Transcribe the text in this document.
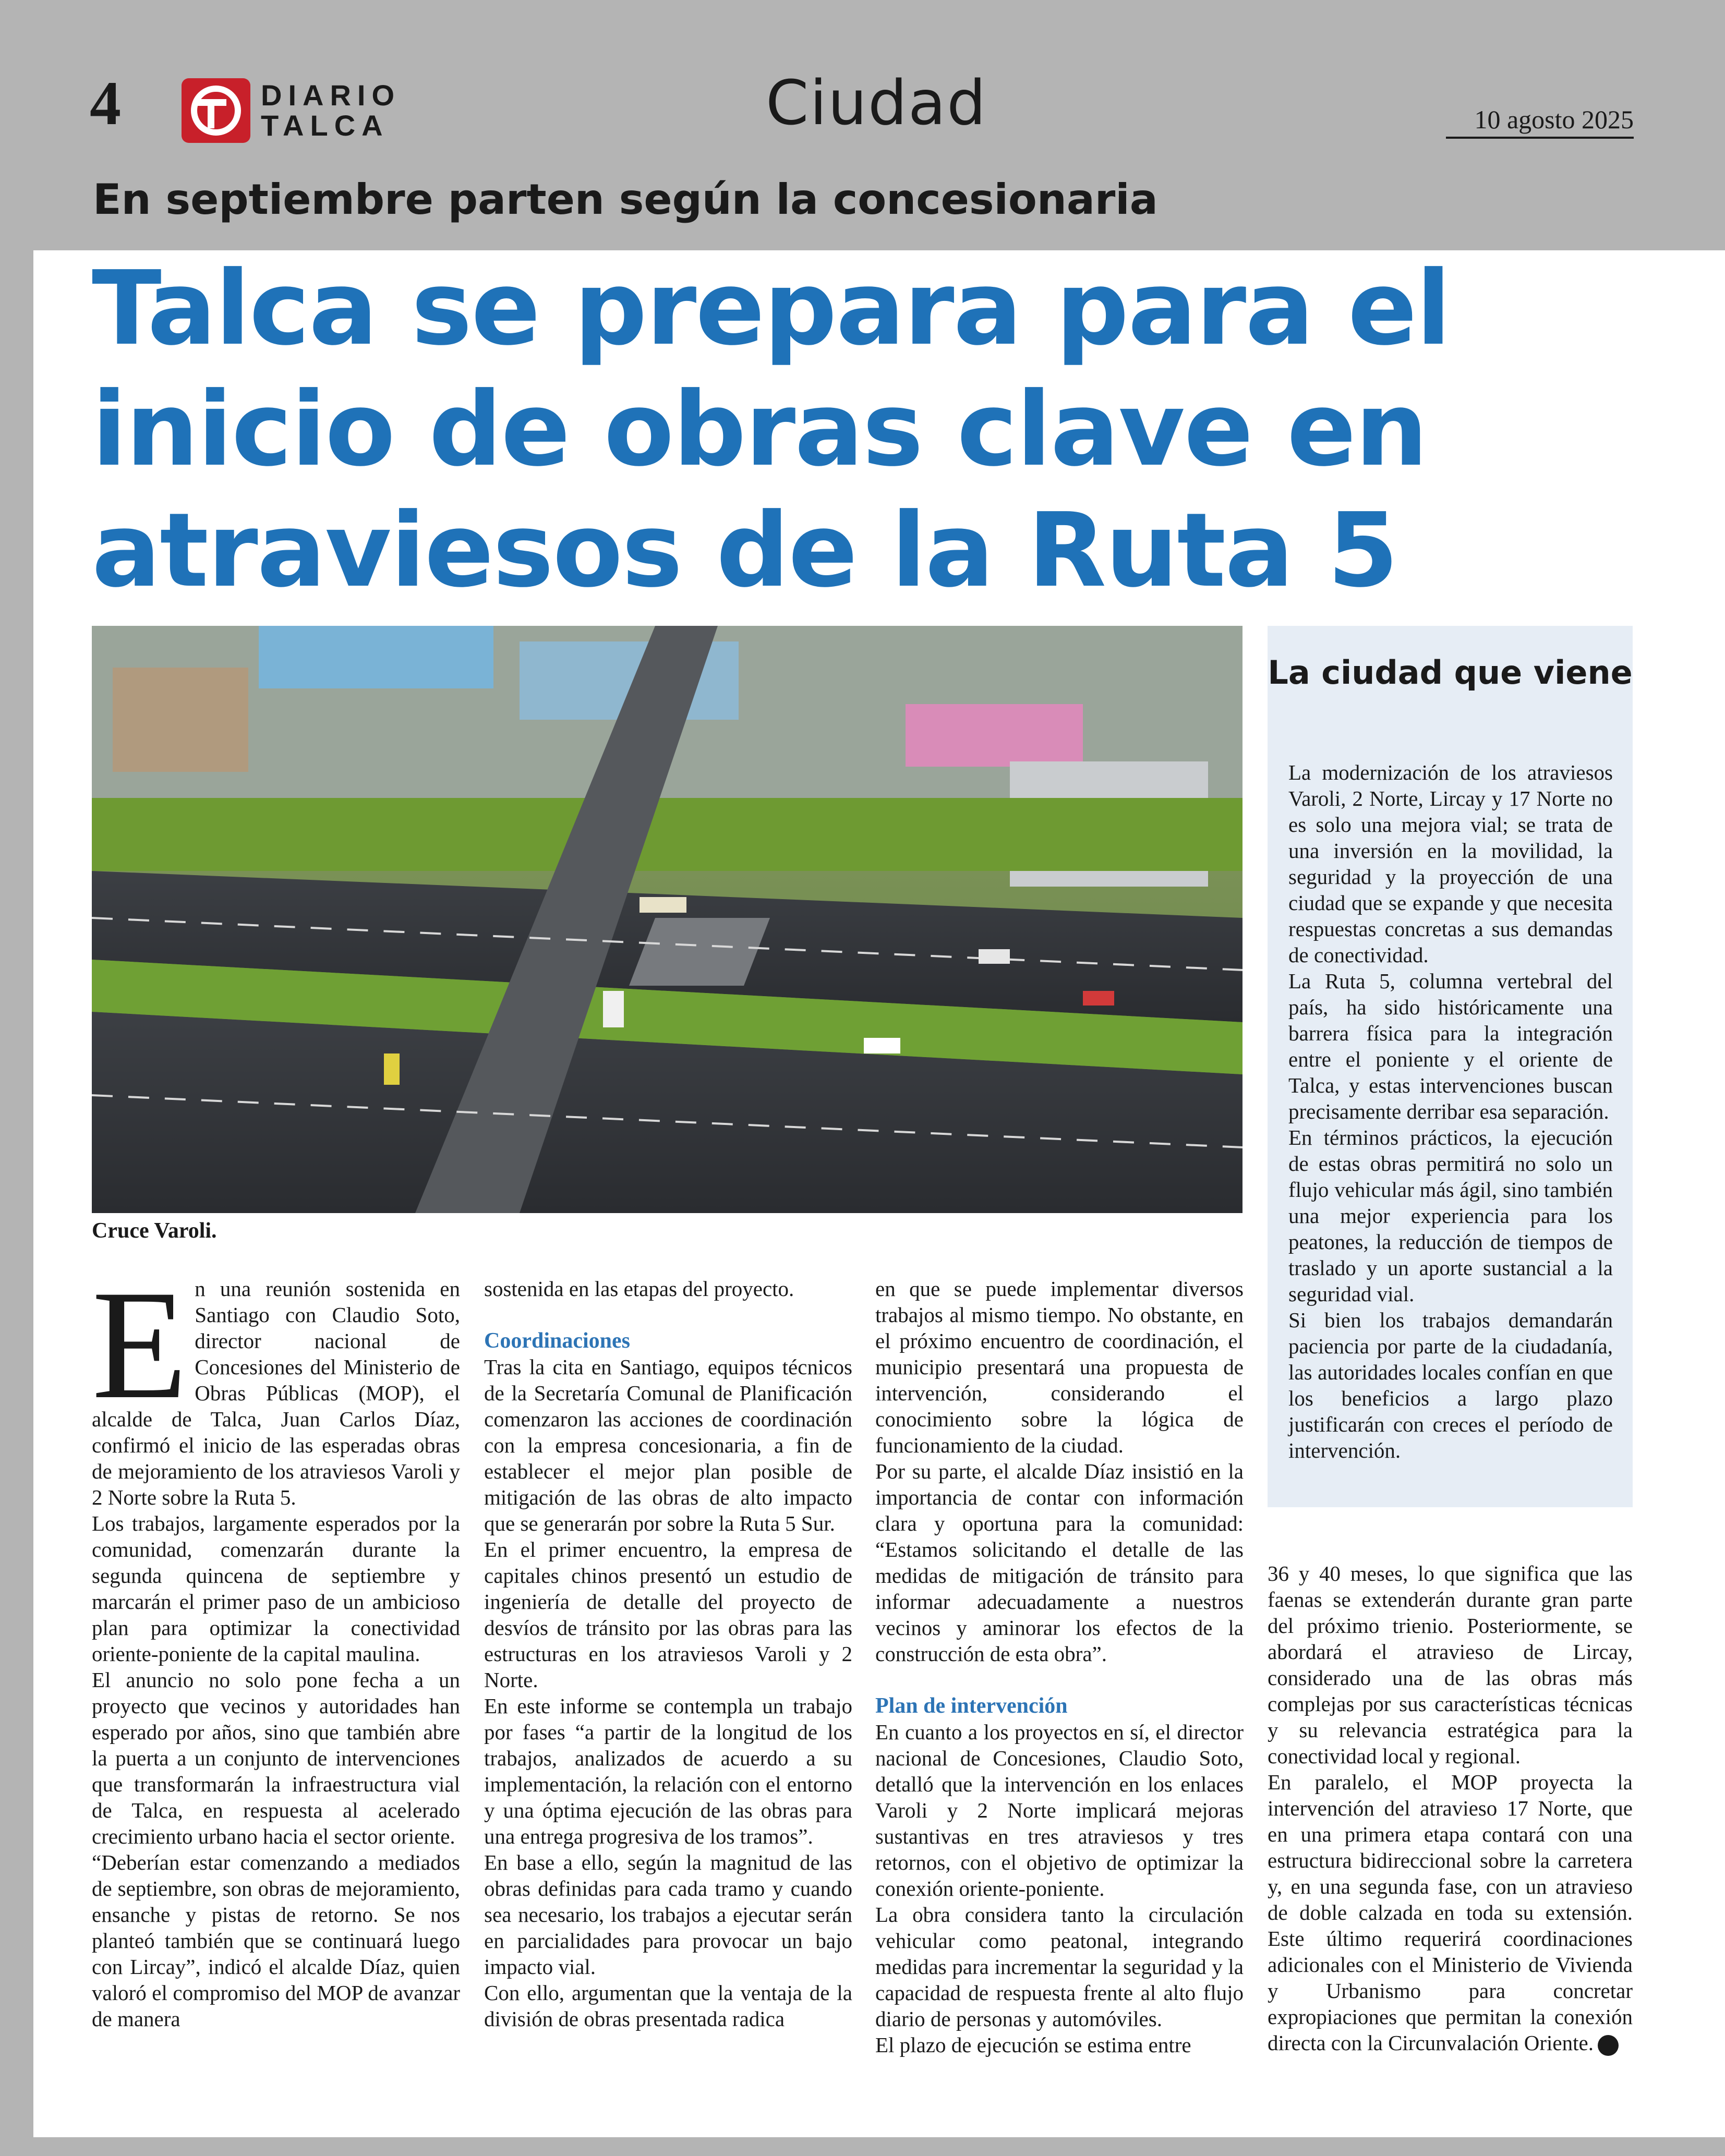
4	DIARIO
TALCA	Ciudad	10 agosto 2025
En septiembre parten según la concesionaria
Talca se prepara para el inicio de obras clave en atraviesos de la Ruta 5
Cruce Varoli.
La ciudad que viene

La modernización de los atraviesos Varoli, 2 Norte, Lircay y 17 Norte no es solo una mejora vial; se trata de una inversión en la movilidad, la seguridad y la proyección de una ciudad que se expande y que necesita respuestas concretas a sus demandas de conectividad.

La Ruta 5, columna vertebral del país, ha sido históricamente una barrera física para la integración entre el poniente y el oriente de Talca, y estas intervenciones buscan precisamente derribar esa separación.

En términos prácticos, la ejecución de estas obras permitirá no solo un flujo vehicular más ágil, sino también una mejor experiencia para los peatones, la reducción de tiempos de traslado y un aporte sustancial a la seguridad vial.

Si bien los trabajos demandarán paciencia por parte de la ciudadanía, las autoridades locales confían en que los beneficios a largo plazo justificarán con creces el período de intervención.

E n una reunión sostenida en Santiago con Claudio Soto, director nacional de Concesiones del Ministerio de Obras Públicas (MOP), el alcalde de Talca, Juan Carlos Díaz, confirmó el inicio de las esperadas obras de mejoramiento de los atraviesos Varoli y 2 Norte sobre la Ruta 5.

Los trabajos, largamente esperados por la comunidad, comenzarán durante la segunda quincena de septiembre y marcarán el primer paso de un ambicioso plan para optimizar la conectividad oriente-poniente de la capital maulina.

El anuncio no solo pone fecha a un proyecto que vecinos y autoridades han esperado por años, sino que también abre la puerta a un conjunto de intervenciones que transformarán la infraestructura vial de Talca, en respuesta al acelerado crecimiento urbano hacia el sector oriente.

“Deberían estar comenzando a mediados de septiembre, son obras de mejoramiento, ensanche y pistas de retorno. Se nos planteó también que se continuará luego con Lircay”, indicó el alcalde Díaz, quien valoró el compromiso del MOP de avanzar de manera

sostenida en las etapas del proyecto.

Coordinaciones

Tras la cita en Santiago, equipos técnicos de la Secretaría Comunal de Planificación comenzaron las acciones de coordinación con la empresa concesionaria, a fin de establecer el mejor plan posible de mitigación de las obras de alto impacto que se generarán por sobre la Ruta 5 Sur.

En el primer encuentro, la empresa de capitales chinos presentó un estudio de ingeniería de detalle del proyecto de desvíos de tránsito por las obras para las estructuras en los atraviesos Varoli y 2 Norte.

En este informe se contempla un trabajo por fases “a partir de la longitud de los trabajos, analizados de acuerdo a su implementación, la relación con el entorno y una óptima ejecución de las obras para una entrega progresiva de los tramos”.

En base a ello, según la magnitud de las obras definidas para cada tramo y cuando sea necesario, los trabajos a ejecutar serán en parcialidades para provocar un bajo impacto vial.

Con ello, argumentan que la ventaja de la división de obras presentada radica

en que se puede implementar diversos trabajos al mismo tiempo. No obstante, en el próximo encuentro de coordinación, el municipio presentará una propuesta de intervención, considerando el conocimiento sobre la lógica de funcionamiento de la ciudad.

Por su parte, el alcalde Díaz insistió en la importancia de contar con información clara y oportuna para la comunidad: “Estamos solicitando el detalle de las medidas de mitigación de tránsito para informar adecuadamente a nuestros vecinos y aminorar los efectos de la construcción de esta obra”.

Plan de intervención

En cuanto a los proyectos en sí, el director nacional de Concesiones, Claudio Soto, detalló que la intervención en los enlaces Varoli y 2 Norte implicará mejoras sustantivas en tres atraviesos y tres retornos, con el objetivo de optimizar la conexión oriente-poniente.

La obra considera tanto la circulación vehicular como peatonal, integrando medidas para incrementar la seguridad y la capacidad de respuesta frente al alto flujo diario de personas y automóviles.

El plazo de ejecución se estima entre

36 y 40 meses, lo que significa que las faenas se extenderán durante gran parte del próximo trienio. Posteriormente, se abordará el atravieso de Lircay, considerado una de las obras más complejas por sus características técnicas y su relevancia estratégica para la conectividad local y regional.

En paralelo, el MOP proyecta la intervención del atravieso 17 Norte, que en una primera etapa contará con una estructura bidireccional sobre la carretera y, en una segunda fase, con un atravieso de doble calzada en toda su extensión. Este último requerirá coordinaciones adicionales con el Ministerio de Vivienda y Urbanismo para concretar expropiaciones que permitan la conexión directa con la Circunvalación Oriente.
